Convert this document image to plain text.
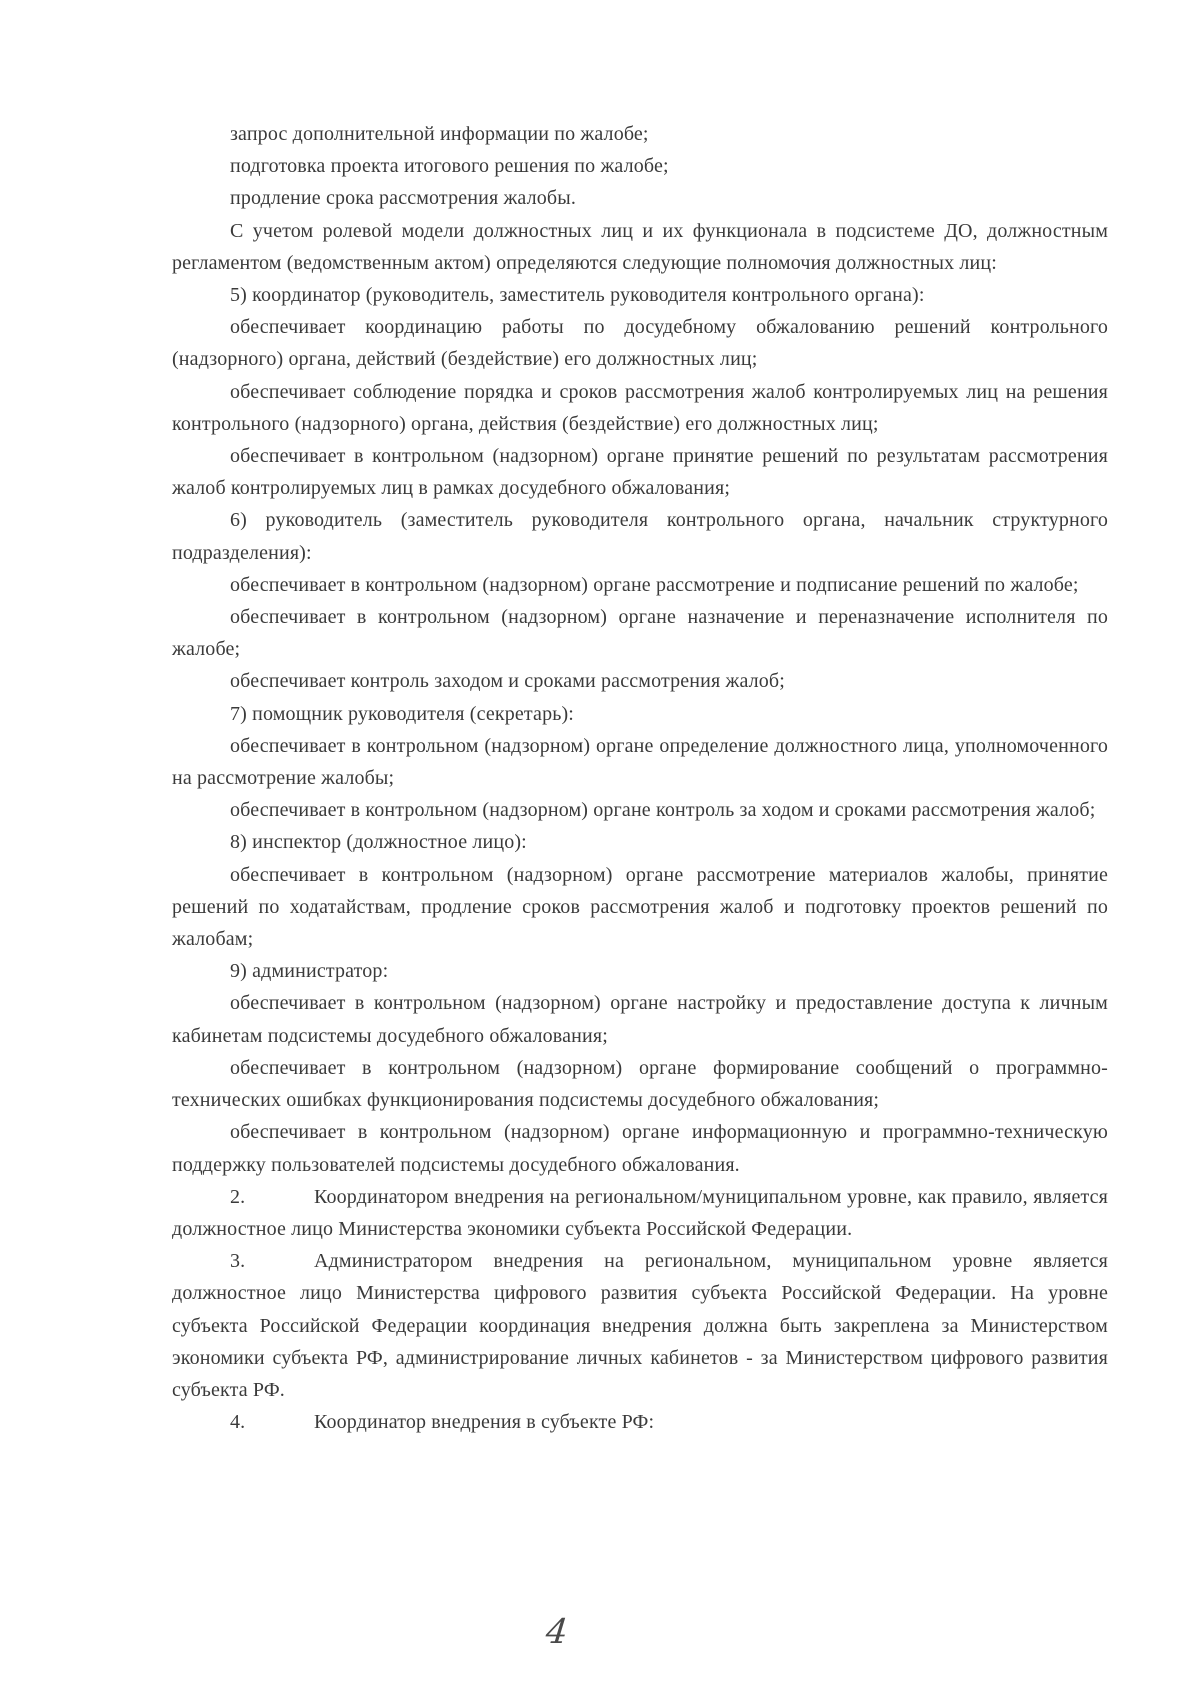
запрос дополнительной информации по жалобе;

подготовка проекта итогового решения по жалобе;

продление срока рассмотрения жалобы.

С учетом ролевой модели должностных лиц и их функционала в подсистеме ДО, должностным регламентом (ведомственным актом) определяются следующие полномочия должностных лиц:

5) координатор (руководитель, заместитель руководителя контрольного органа):

обеспечивает координацию работы по досудебному обжалованию решений контрольного (надзорного) органа, действий (бездействие) его должностных лиц;

обеспечивает соблюдение порядка и сроков рассмотрения жалоб контролируемых лиц на решения контрольного (надзорного) органа, действия (бездействие) его должностных лиц;

обеспечивает в контрольном (надзорном) органе принятие решений по результатам рассмотрения жалоб контролируемых лиц в рамках досудебного обжалования;

6) руководитель (заместитель руководителя контрольного органа, начальник структурного подразделения):

обеспечивает в контрольном (надзорном) органе рассмотрение и подписание решений по жалобе;

обеспечивает в контрольном (надзорном) органе назначение и переназначение исполнителя по жалобе;

обеспечивает контроль заходом и сроками рассмотрения жалоб;

7) помощник руководителя (секретарь):

обеспечивает в контрольном (надзорном) органе определение должностного лица, уполномоченного на рассмотрение жалобы;

обеспечивает в контрольном (надзорном) органе контроль за ходом и сроками рассмотрения жалоб;

8) инспектор (должностное лицо):

обеспечивает в контрольном (надзорном) органе рассмотрение материалов жалобы, принятие решений по ходатайствам, продление сроков рассмотрения жалоб и подготовку проектов решений по жалобам;

9) администратор:

обеспечивает в контрольном (надзорном) органе настройку и предоставление доступа к личным кабинетам подсистемы досудебного обжалования;

обеспечивает в контрольном (надзорном) органе формирование сообщений о программно-технических ошибках функционирования подсистемы досудебного обжалования;

обеспечивает в контрольном (надзорном) органе информационную и программно-техническую поддержку пользователей подсистемы досудебного обжалования.

2.	Координатором внедрения на региональном/муниципальном уровне, как правило, является должностное лицо Министерства экономики субъекта Российской Федерации.

3.	Администратором внедрения на региональном, муниципальном уровне является должностное лицо Министерства цифрового развития субъекта Российской Федерации. На уровне субъекта Российской Федерации координация внедрения должна быть закреплена за Министерством экономики субъекта РФ, администрирование личных кабинетов - за Министерством цифрового развития субъекта РФ.

4.	Координатор внедрения в субъекте РФ:

4
